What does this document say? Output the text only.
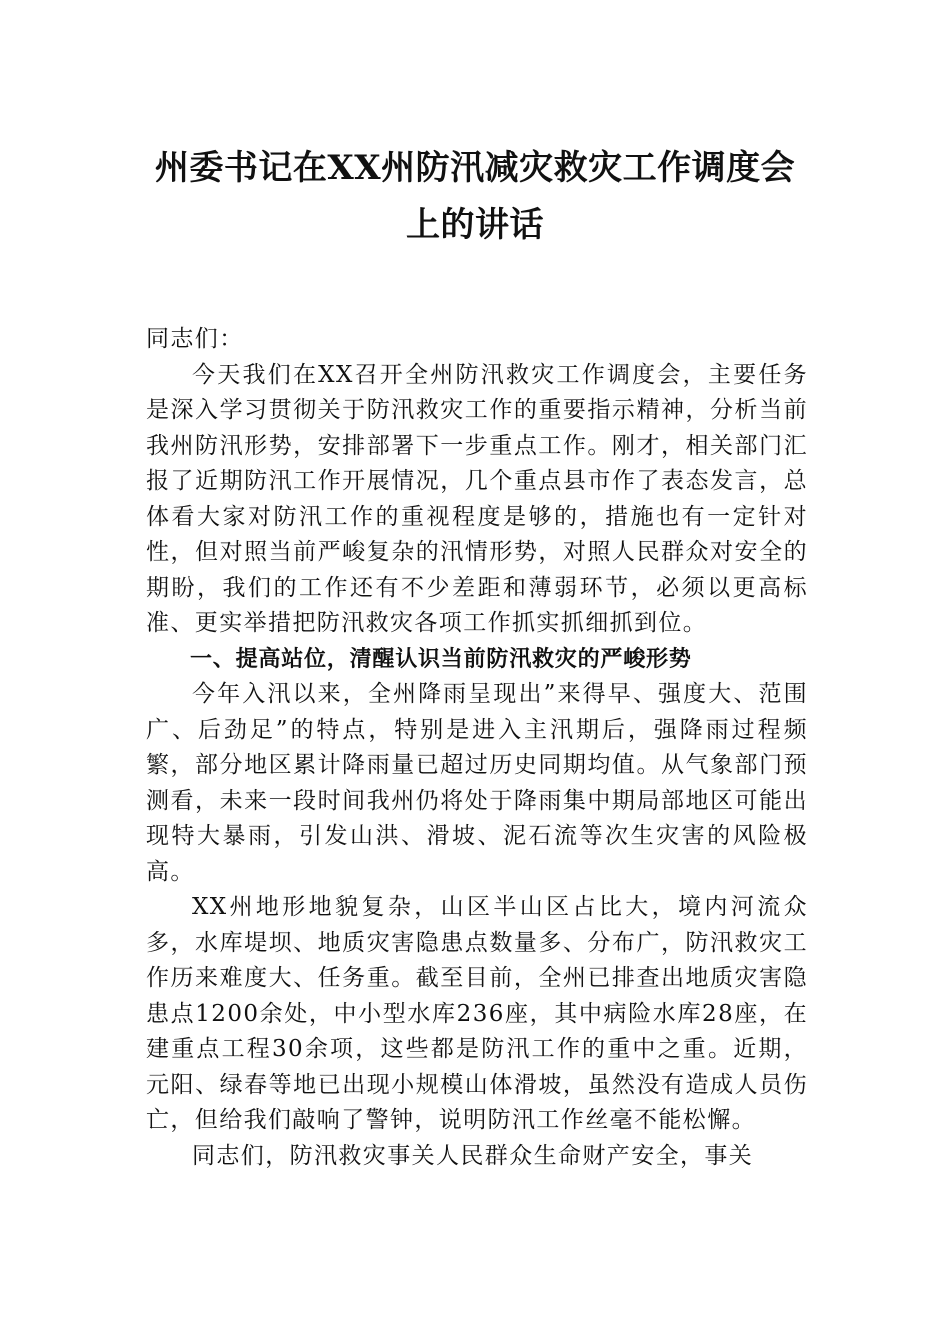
州委书记在XX州防汛减灾救灾工作调度会上的讲话

同志们：

今天我们在XX召开全州防汛救灾工作调度会，主要任务是深入学习贯彻关于防汛救灾工作的重要指示精神，分析当前我州防汛形势，安排部署下一步重点工作。刚才，相关部门汇报了近期防汛工作开展情况，几个重点县市作了表态发言，总体看大家对防汛工作的重视程度是够的，措施也有一定针对性，但对照当前严峻复杂的汛情形势，对照人民群众对安全的期盼，我们的工作还有不少差距和薄弱环节，必须以更高标准、更实举措把防汛救灾各项工作抓实抓细抓到位。

一、提高站位，清醒认识当前防汛救灾的严峻形势

今年入汛以来，全州降雨呈现出”来得早、强度大、范围广、后劲足”的特点，特别是进入主汛期后，强降雨过程频繁，部分地区累计降雨量已超过历史同期均值。从气象部门预测看，未来一段时间我州仍将处于降雨集中期局部地区可能出现特大暴雨，引发山洪、滑坡、泥石流等次生灾害的风险极高。

XX州地形地貌复杂，山区半山区占比大，境内河流众多，水库堤坝、地质灾害隐患点数量多、分布广，防汛救灾工作历来难度大、任务重。截至目前，全州已排查出地质灾害隐患点1200余处，中小型水库236座，其中病险水库28座，在建重点工程30余项，这些都是防汛工作的重中之重。近期，元阳、绿春等地已出现小规模山体滑坡，虽然没有造成人员伤亡，但给我们敲响了警钟，说明防汛工作丝毫不能松懈。

同志们，防汛救灾事关人民群众生命财产安全，事关
